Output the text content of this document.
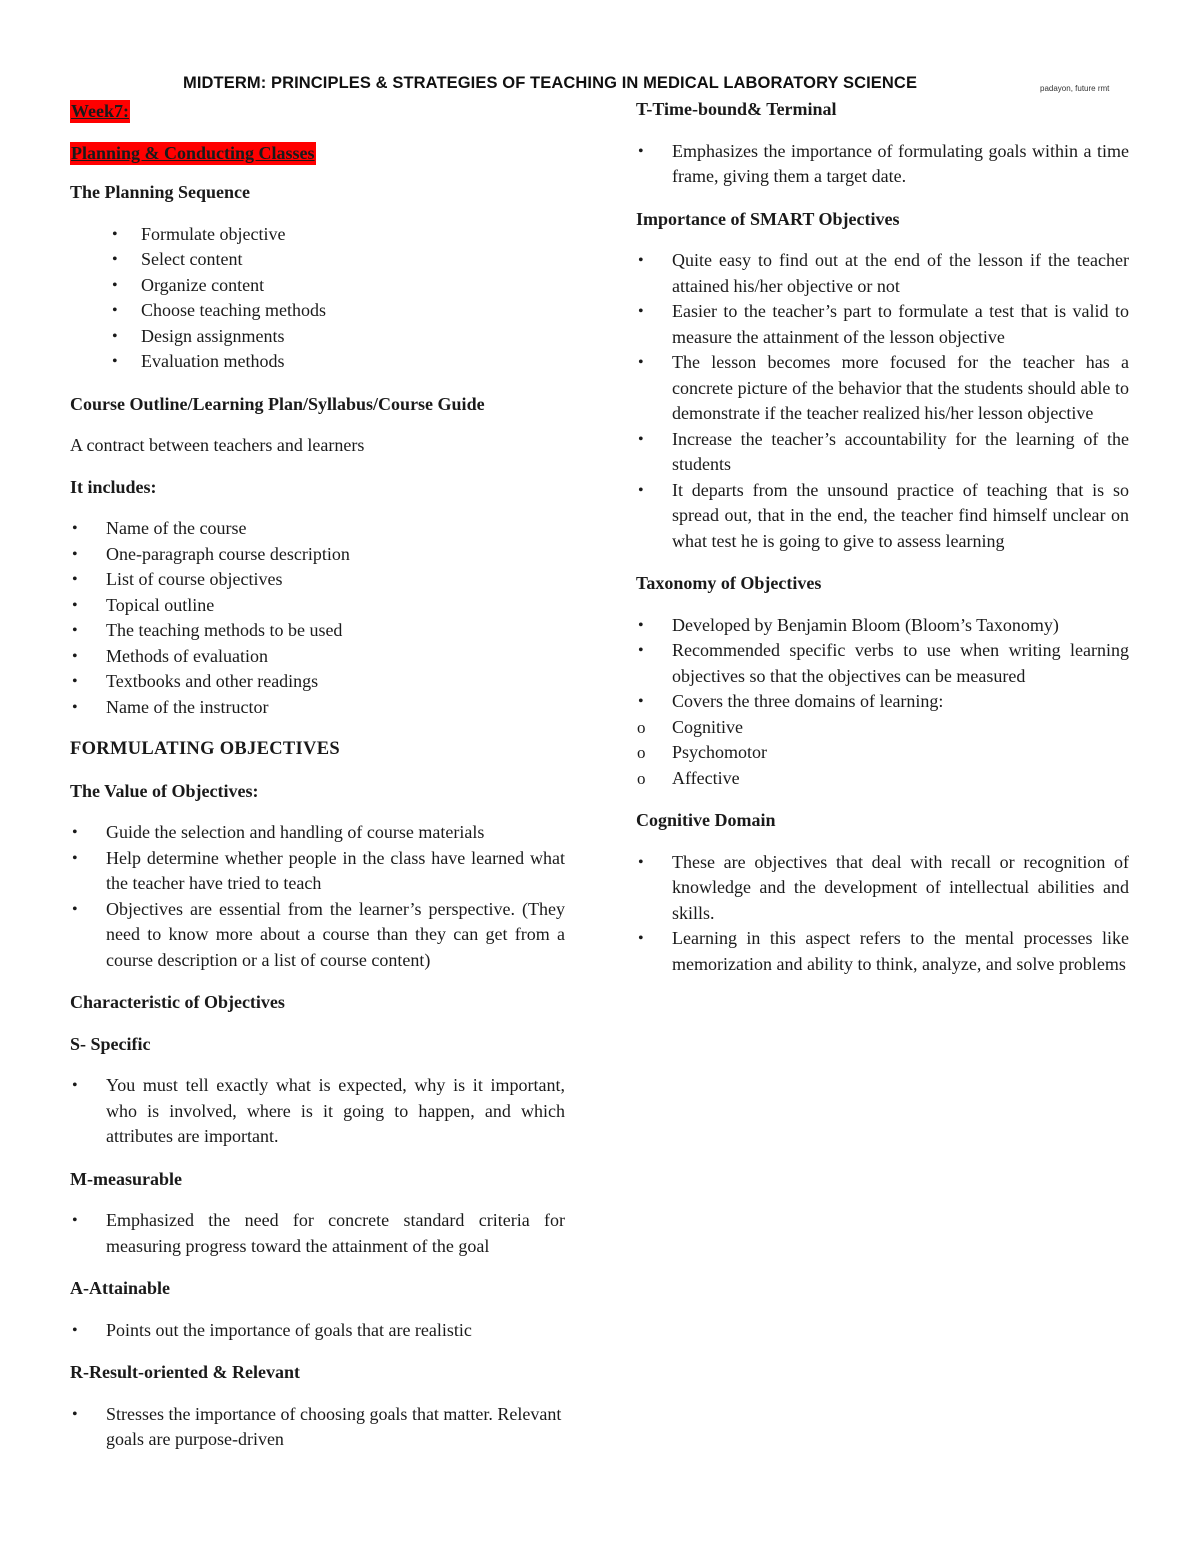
MIDTERM: PRINCIPLES & STRATEGIES OF TEACHING IN MEDICAL LABORATORY SCIENCE	padayon, future rmt
Week7:
Planning & Conducting Classes

The Planning Sequence

• Formulate objective
• Select content
• Organize content
• Choose teaching methods
• Design assignments
• Evaluation methods

Course Outline/Learning Plan/Syllabus/Course Guide

A contract between teachers and learners

It includes:

• Name of the course
• One-paragraph course description
• List of course objectives
• Topical outline
• The teaching methods to be used
• Methods of evaluation
• Textbooks and other readings
• Name of the instructor

FORMULATING OBJECTIVES

The Value of Objectives:

• Guide the selection and handling of course materials
• Help determine whether people in the class have learned what the teacher have tried to teach
• Objectives are essential from the learner’s perspective. (They need to know more about a course than they can get from a course description or a list of course content)

Characteristic of Objectives

S- Specific

• You must tell exactly what is expected, why is it important, who is involved, where is it going to happen, and which attributes are important.

M-measurable

• Emphasized the need for concrete standard criteria for measuring progress toward the attainment of the goal

A-Attainable

• Points out the importance of goals that are realistic

R-Result-oriented & Relevant

• Stresses the importance of choosing goals that matter. Relevant goals are purpose-driven

T-Time-bound& Terminal

• Emphasizes the importance of formulating goals within a time frame, giving them a target date.

Importance of SMART Objectives

• Quite easy to find out at the end of the lesson if the teacher attained his/her objective or not
• Easier to the teacher’s part to formulate a test that is valid to measure the attainment of the lesson objective
• The lesson becomes more focused for the teacher has a concrete picture of the behavior that the students should able to demonstrate if the teacher realized his/her lesson objective
• Increase the teacher’s accountability for the learning of the students
• It departs from the unsound practice of teaching that is so spread out, that in the end, the teacher find himself unclear on what test he is going to give to assess learning

Taxonomy of Objectives

• Developed by Benjamin Bloom (Bloom’s Taxonomy)
• Recommended specific verbs to use when writing learning objectives so that the objectives can be measured
• Covers the three domains of learning:
o Cognitive
o Psychomotor
o Affective

Cognitive Domain

• These are objectives that deal with recall or recognition of knowledge and the development of intellectual abilities and skills.
• Learning in this aspect refers to the mental processes like memorization and ability to think, analyze, and solve problems
